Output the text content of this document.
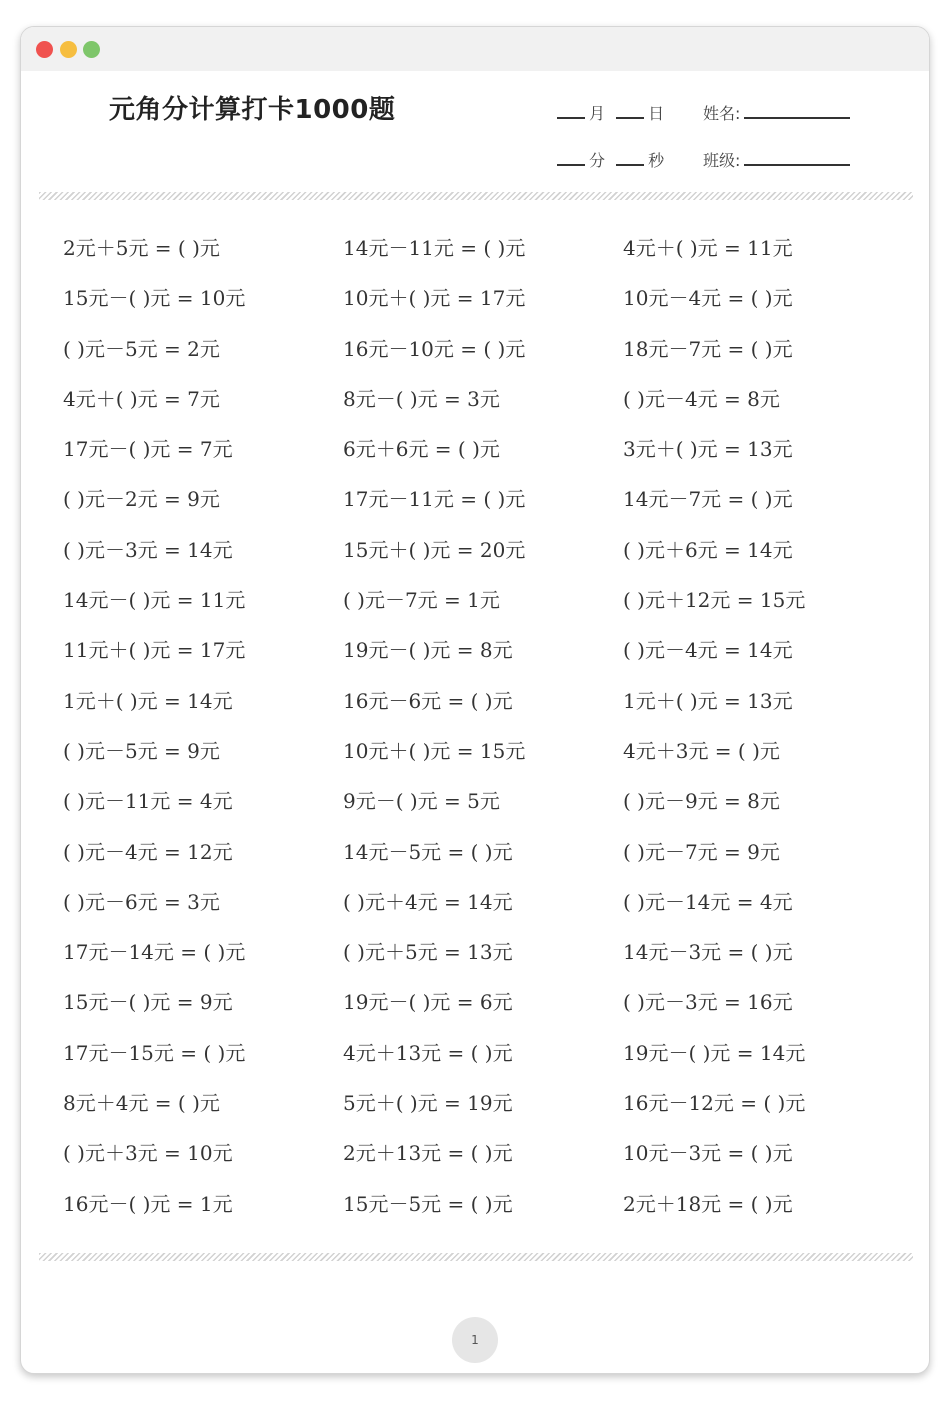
元角分计算打卡1000题	月	日 姓名:
分	秒 班级:
2元＋5元 = ( )元	14元－11元 = ( )元	4元＋( )元 = 11元
15元－( )元 = 10元	10元＋( )元 = 17元	10元－4元 = ( )元
( )元－5元 = 2元	16元－10元 = ( )元	18元－7元 = ( )元
4元＋( )元 = 7元	8元－( )元 = 3元	( )元－4元 = 8元
17元－( )元 = 7元	6元＋6元 = ( )元	3元＋( )元 = 13元
( )元－2元 = 9元	17元－11元 = ( )元	14元－7元 = ( )元
( )元－3元 = 14元	15元＋( )元 = 20元	( )元＋6元 = 14元
14元－( )元 = 11元	( )元－7元 = 1元	( )元＋12元 = 15元
11元＋( )元 = 17元	19元－( )元 = 8元	( )元－4元 = 14元
1元＋( )元 = 14元	16元－6元 = ( )元	1元＋( )元 = 13元
( )元－5元 = 9元	10元＋( )元 = 15元	4元＋3元 = ( )元
( )元－11元 = 4元	9元－( )元 = 5元	( )元－9元 = 8元
( )元－4元 = 12元	14元－5元 = ( )元	( )元－7元 = 9元
( )元－6元 = 3元	( )元＋4元 = 14元	( )元－14元 = 4元
17元－14元 = ( )元	( )元＋5元 = 13元	14元－3元 = ( )元
15元－( )元 = 9元	19元－( )元 = 6元	( )元－3元 = 16元
17元－15元 = ( )元	4元＋13元 = ( )元	19元－( )元 = 14元
8元＋4元 = ( )元	5元＋( )元 = 19元	16元－12元 = ( )元
( )元＋3元 = 10元	2元＋13元 = ( )元	10元－3元 = ( )元
16元－( )元 = 1元	15元－5元 = ( )元	2元＋18元 = ( )元
1
